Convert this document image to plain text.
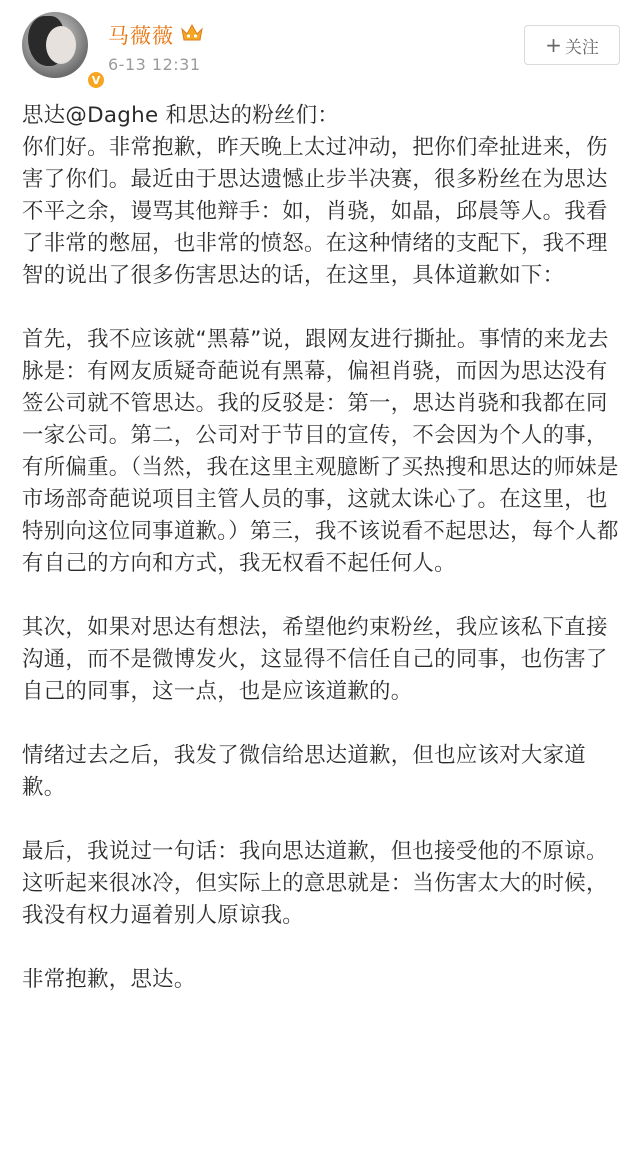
V
马薇薇
6-13 12:31
+ 关注

思达@Daghe 和思达的粉丝们：

你们好。非常抱歉，昨天晚上太过冲动，把你们牵扯进来，伤害了你们。最近由于思达遗憾止步半决赛，很多粉丝在为思达不平之余，谩骂其他辩手：如，肖骁，如晶，邱晨等人。我看了非常的憋屈，也非常的愤怒。在这种情绪的支配下，我不理智的说出了很多伤害思达的话，在这里，具体道歉如下：

首先，我不应该就“黑幕”说，跟网友进行撕扯。事情的来龙去脉是：有网友质疑奇葩说有黑幕，偏袒肖骁，而因为思达没有签公司就不管思达。我的反驳是：第一，思达肖骁和我都在同一家公司。第二，公司对于节目的宣传，不会因为个人的事，有所偏重。（当然，我在这里主观臆断了买热搜和思达的师妹是市场部奇葩说项目主管人员的事，这就太诛心了。在这里，也特别向这位同事道歉。）第三，我不该说看不起思达，每个人都有自己的方向和方式，我无权看不起任何人。

其次，如果对思达有想法，希望他约束粉丝，我应该私下直接沟通，而不是微博发火，这显得不信任自己的同事，也伤害了自己的同事，这一点，也是应该道歉的。

情绪过去之后，我发了微信给思达道歉，但也应该对大家道歉。

最后，我说过一句话：我向思达道歉，但也接受他的不原谅。这听起来很冰冷，但实际上的意思就是：当伤害太大的时候，我没有权力逼着别人原谅我。

非常抱歉，思达。
